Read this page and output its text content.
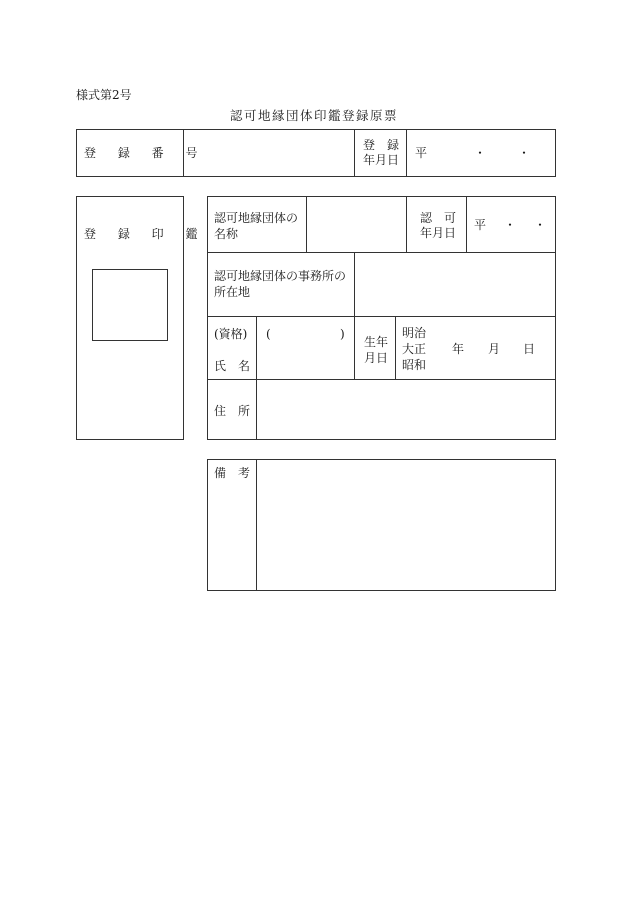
様式第2号
認可地縁団体印鑑登録原票
登 録 番 号
登　録
年月日 平	・　・
登 録 印 鑑
認可地縁団体の
名称
認　可
年月日
平　・　・
認可地縁団体の事務所の
所在地
(資格)
氏　名
(	)
生年
月日
明治
大正
昭和
年 月 日
住　所
備　考
